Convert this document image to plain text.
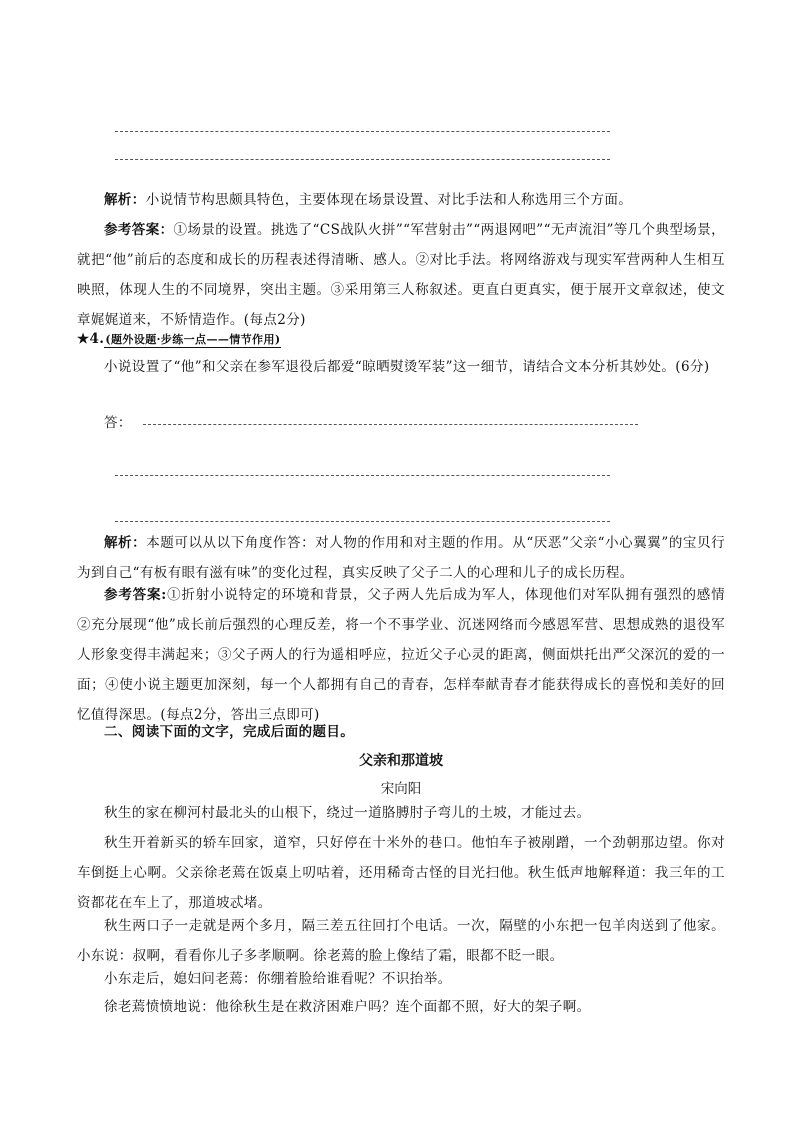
解析：小说情节构思颇具特色，主要体现在场景设置、对比手法和人称选用三个方面。
参考答案：①场景的设置。挑选了“CS战队火拼”“军营射击”“两退网吧”“无声流泪”等几个典型场景，就把“他”前后的态度和成长的历程表述得清晰、感人。②对比手法。将网络游戏与现实军营两种人生相互映照，体现人生的不同境界，突出主题。③采用第三人称叙述。更直白更真实，便于展开文章叙述，使文章娓娓道来，不矫情造作。(每点2分)
★4.(题外设题·步练一点——情节作用)
小说设置了“他”和父亲在参军退役后都爱“晾晒熨烫军装”这一细节，请结合文本分析其妙处。(6分)
答：
解析：本题可以从以下角度作答：对人物的作用和对主题的作用。从“厌恶”父亲“小心翼翼”的宝贝行为到自己“有板有眼有滋有味”的变化过程，真实反映了父子二人的心理和儿子的成长历程。
参考答案:①折射小说特定的环境和背景，父子两人先后成为军人，体现他们对军队拥有强烈的感情 ②充分展现“他”成长前后强烈的心理反差，将一个不事学业、沉迷网络而今感恩军营、思想成熟的退役军人形象变得丰满起来；③父子两人的行为遥相呼应，拉近父子心灵的距离，侧面烘托出严父深沉的爱的一面；④使小说主题更加深刻，每一个人都拥有自己的青春，怎样奉献青春才能获得成长的喜悦和美好的回忆值得深思。(每点2分，答出三点即可)
二、阅读下面的文字，完成后面的题目。
父亲和那道坡
宋向阳
秋生的家在柳河村最北头的山根下，绕过一道胳膊肘子弯儿的土坡，才能过去。
秋生开着新买的轿车回家，道窄，只好停在十米外的巷口。他怕车子被剐蹭，一个劲朝那边望。你对车倒挺上心啊。父亲徐老蔫在饭桌上叨咕着，还用稀奇古怪的目光扫他。秋生低声地解释道：我三年的工资都花在车上了，那道坡忒堵。
秋生两口子一走就是两个多月，隔三差五往回打个电话。一次，隔壁的小东把一包羊肉送到了他家。小东说：叔啊，看看你儿子多孝顺啊。徐老蔫的脸上像结了霜，眼都不眨一眼。
小东走后，媳妇问老蔫：你绷着脸给谁看呢？不识抬举。
徐老蔫愤愤地说：他徐秋生是在救济困难户吗？连个面都不照，好大的架子啊。
